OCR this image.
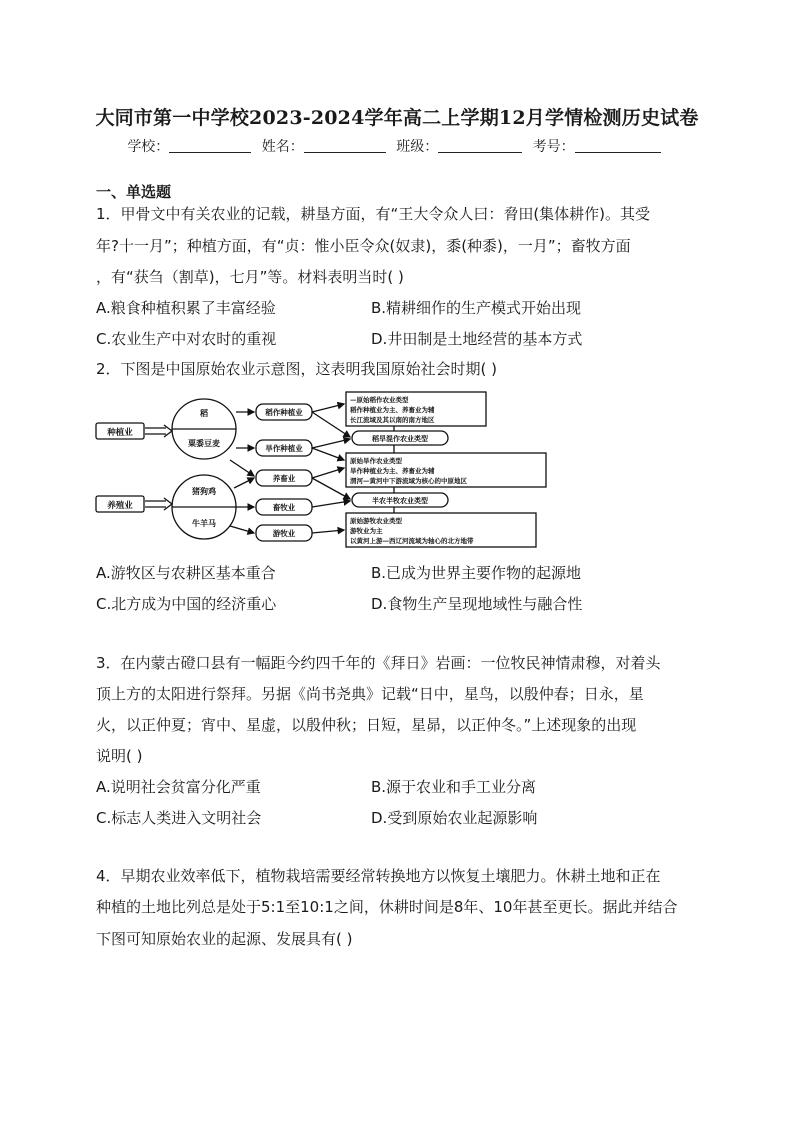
大同市第一中学校2023-2024学年高二上学期12月学情检测历史试卷
学校：	姓名：	班级：	考号：
一、单选题
1．甲骨文中有关农业的记载，耕垦方面，有“王大令众人曰：脅田(集体耕作)。其受
年?十一月”；种植方面，有“贞：惟小臣令众(奴隶)，黍(种黍)，一月”；畜牧方面
，有“获刍（割草)，七月”等。材料表明当时( )
A.粮食种植积累了丰富经验	B.精耕细作的生产模式开始出现
C.农业生产中对农时的重视	D.井田制是土地经营的基本方式
2．下图是中国原始农业示意图，这表明我国原始社会时期( )
种植业
养殖业
稻
粟黍豆麦
猪狗鸡
牛羊马
稻作种植业
旱作种植业
养畜业
畜牧业
游牧业
—原始稻作农业类型
稻作种植业为主、养畜业为辅
长江流域及其以南的南方地区
稻旱混作农业类型
原始旱作农业类型
旱作种植业为主、养畜业为辅
渭河—黄河中下游流域为核心的中原地区
半农半牧农业类型
原始游牧农业类型
游牧业为主
以黄河上游—西辽河流域为轴心的北方地带
A.游牧区与农耕区基本重合	B.已成为世界主要作物的起源地
C.北方成为中国的经济重心	D.食物生产呈现地域性与融合性
3．在内蒙古磴口县有一幅距今约四千年的《拜日》岩画：一位牧民神情肃穆，对着头
顶上方的太阳进行祭拜。另据《尚书尧典》记载“日中，星鸟，以殷仲春；日永，星
火，以正仲夏；宵中、星虚，以殷仲秋；日短，星昴，以正仲冬。”上述现象的出现
说明( )
A.说明社会贫富分化严重	B.源于农业和手工业分离
C.标志人类进入文明社会	D.受到原始农业起源影响
4．早期农业效率低下，植物栽培需要经常转换地方以恢复土壤肥力。休耕土地和正在
种植的土地比列总是处于5:1至10:1之间，休耕时间是8年、10年甚至更长。据此并结合
下图可知原始农业的起源、发展具有( )
